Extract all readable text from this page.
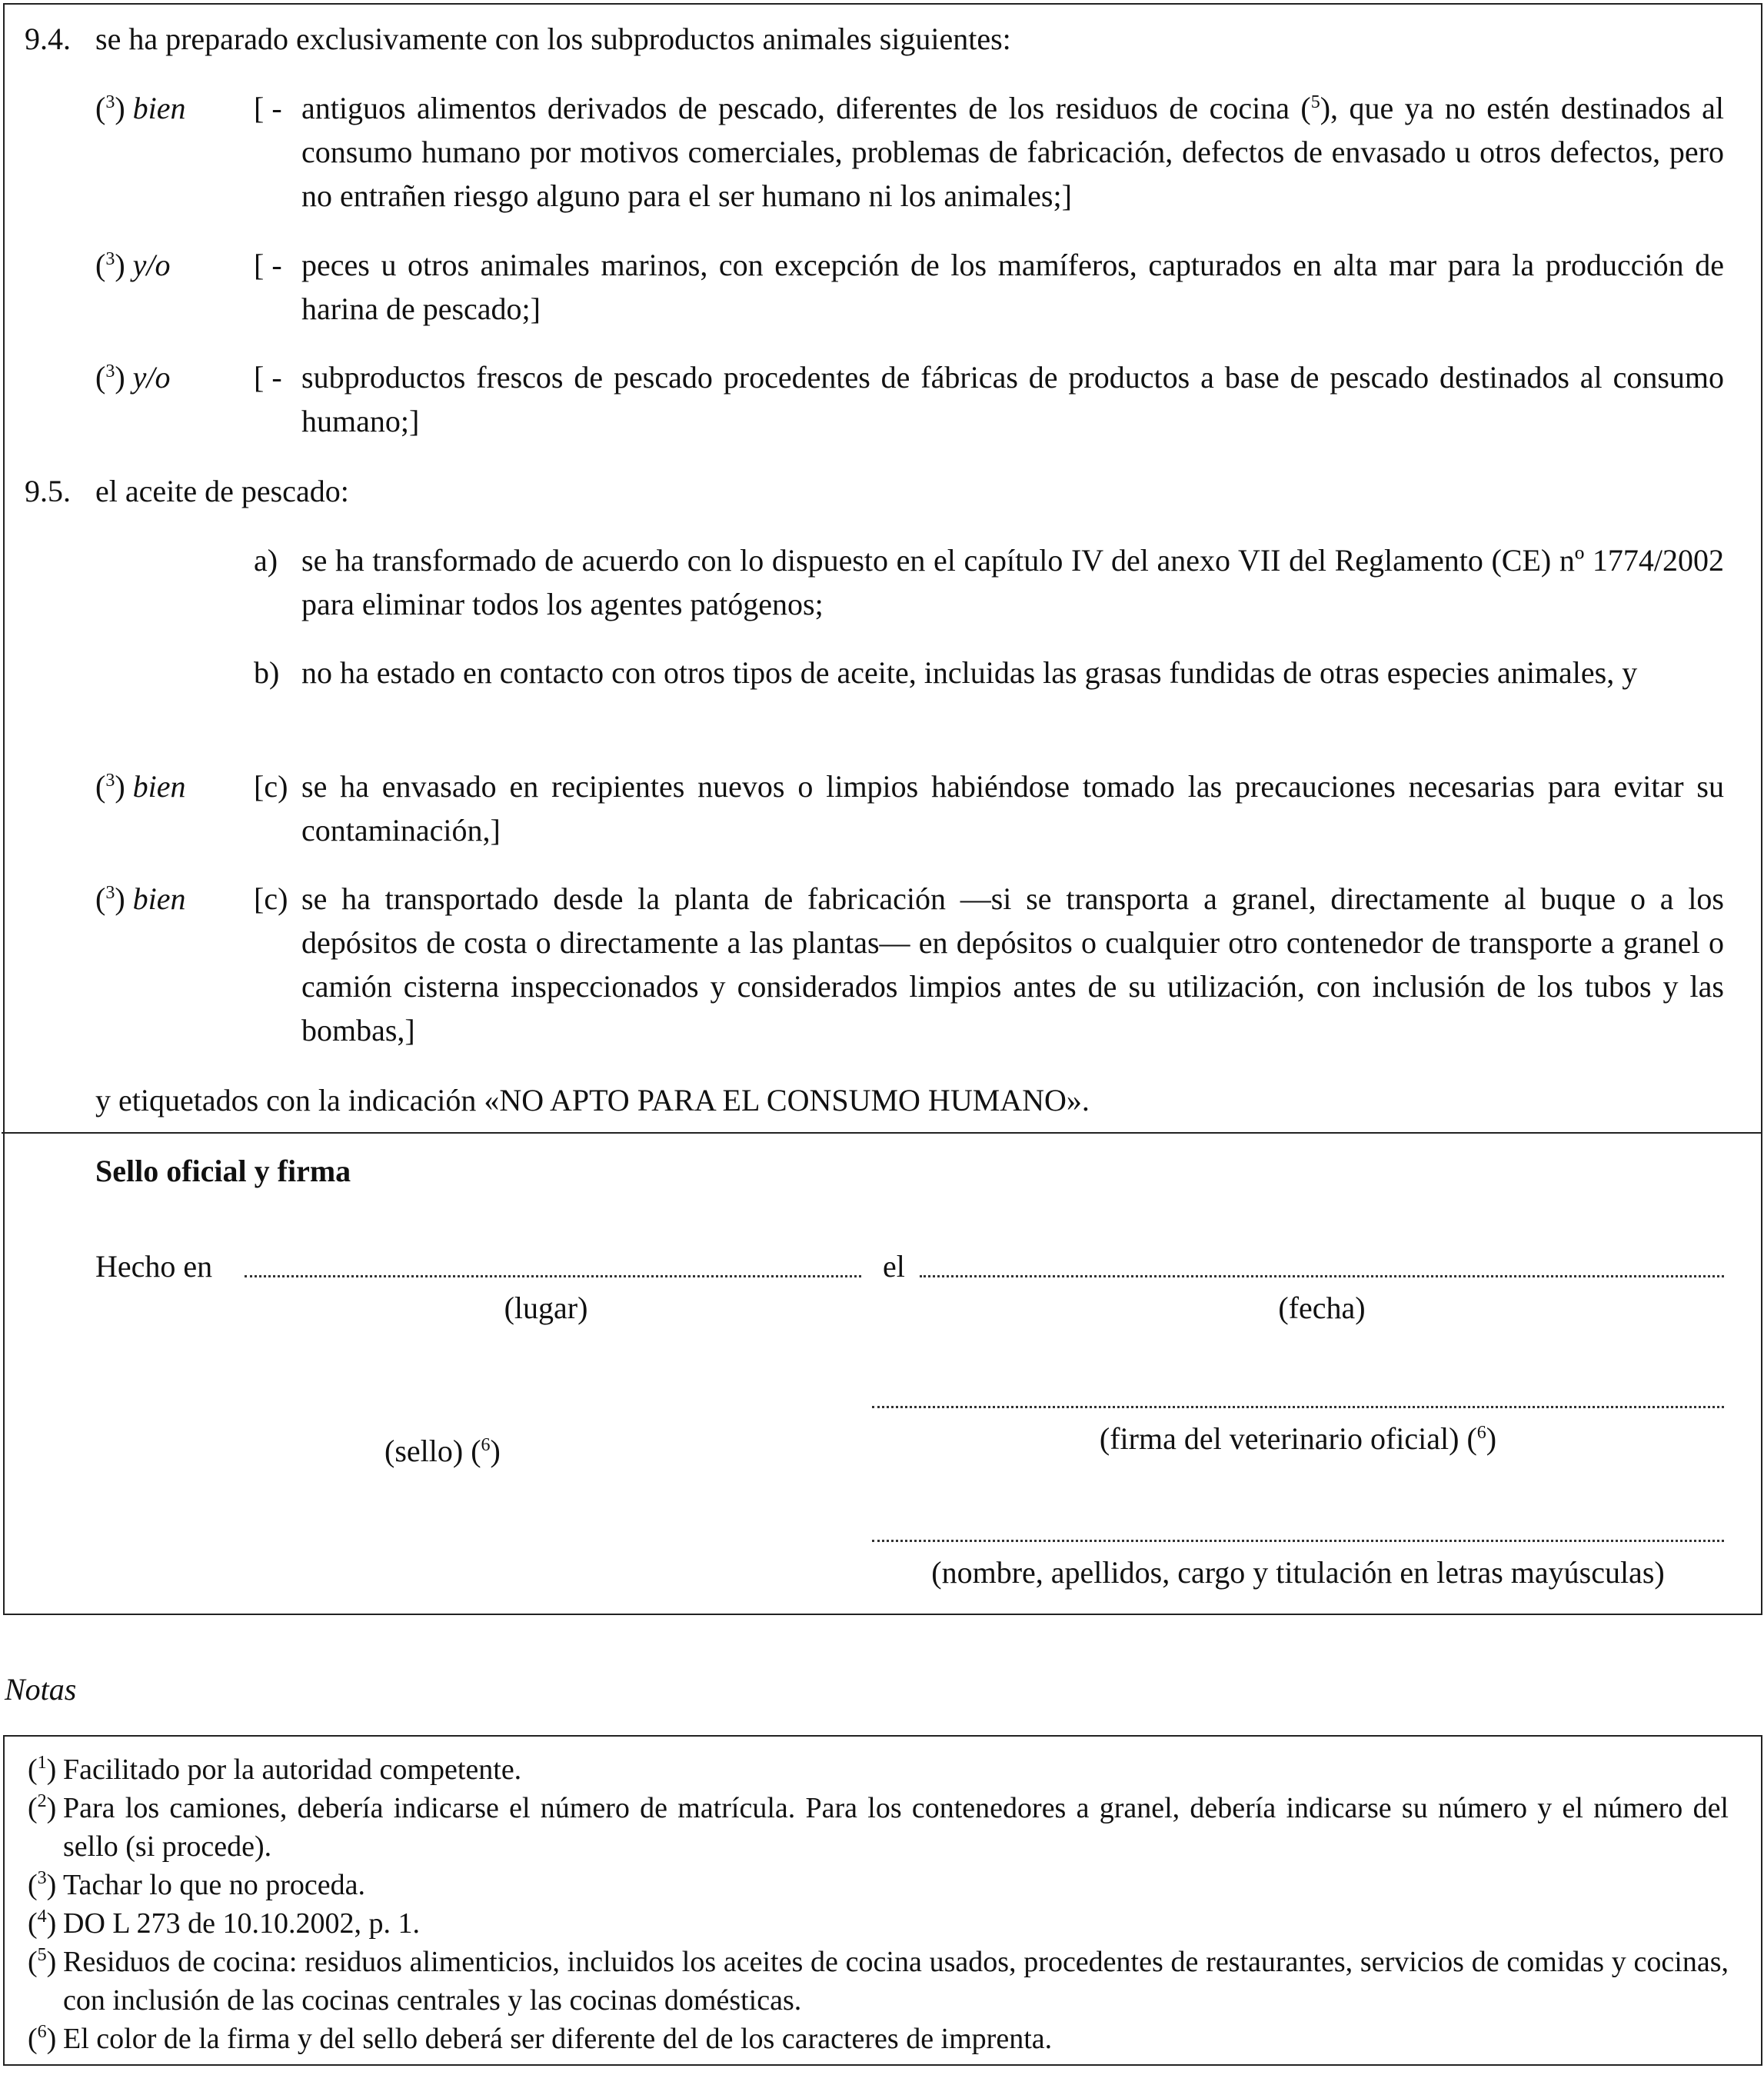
9.4. se ha preparado exclusivamente con los subproductos animales siguientes:
($^3$) bien [ - antiguos alimentos derivados de pescado, diferentes de los residuos de cocina ($^5$), que ya no estén destinados al consumo humano por motivos comerciales, problemas de fabricación, defectos de envasado u otros defectos, pero no entrañen riesgo alguno para el ser humano ni los animales;]
($^3$) y/o	[ - peces u otros animales marinos, con excepción de los mamíferos, capturados en alta mar para la producción de harina de pescado;]
($^3$) y/o	[ - subproductos frescos de pescado procedentes de fábricas de productos a base de pescado destinados al consumo humano;]
9.5. el aceite de pescado:
a) se ha transformado de acuerdo con lo dispuesto en el capítulo IV del anexo VII del Reglamento (CE) nº 1774/2002 para eliminar todos los agentes patógenos;
b) no ha estado en contacto con otros tipos de aceite, incluidas las grasas fundidas de otras especies animales, y
($^3$) bien [c) se ha envasado en recipientes nuevos o limpios habiéndose tomado las precauciones necesarias para evitar su contaminación,]
($^3$) bien [c) se ha transportado desde la planta de fabricación —si se transporta a granel, directamente al buque o a los depósitos de costa o directamente a las plantas— en depósitos o cualquier otro contenedor de transporte a granel o camión cisterna inspeccionados y considerados limpios antes de su utilización, con inclusión de los tubos y las bombas,]
y etiquetados con la indicación «NO APTO PARA EL CONSUMO HUMANO».
Sello oficial y firma
Hecho en
(lugar)
el
(fecha)
(sello) ($^6$)	(firma del veterinario oficial) ($^6$)
(nombre, apellidos, cargo y titulación en letras mayúsculas)
Notas
($^1$) Facilitado por la autoridad competente.
($^2$) Para los camiones, debería indicarse el número de matrícula. Para los contenedores a granel, debería indicarse su número y el número del sello (si procede).
($^3$) Tachar lo que no proceda.
($^4$) DO L 273 de 10.10.2002, p. 1.
($^5$) Residuos de cocina: residuos alimenticios, incluidos los aceites de cocina usados, procedentes de restaurantes, servicios de comidas y cocinas, con inclusión de las cocinas centrales y las cocinas domésticas.
($^6$) El color de la firma y del sello deberá ser diferente del de los caracteres de imprenta.
